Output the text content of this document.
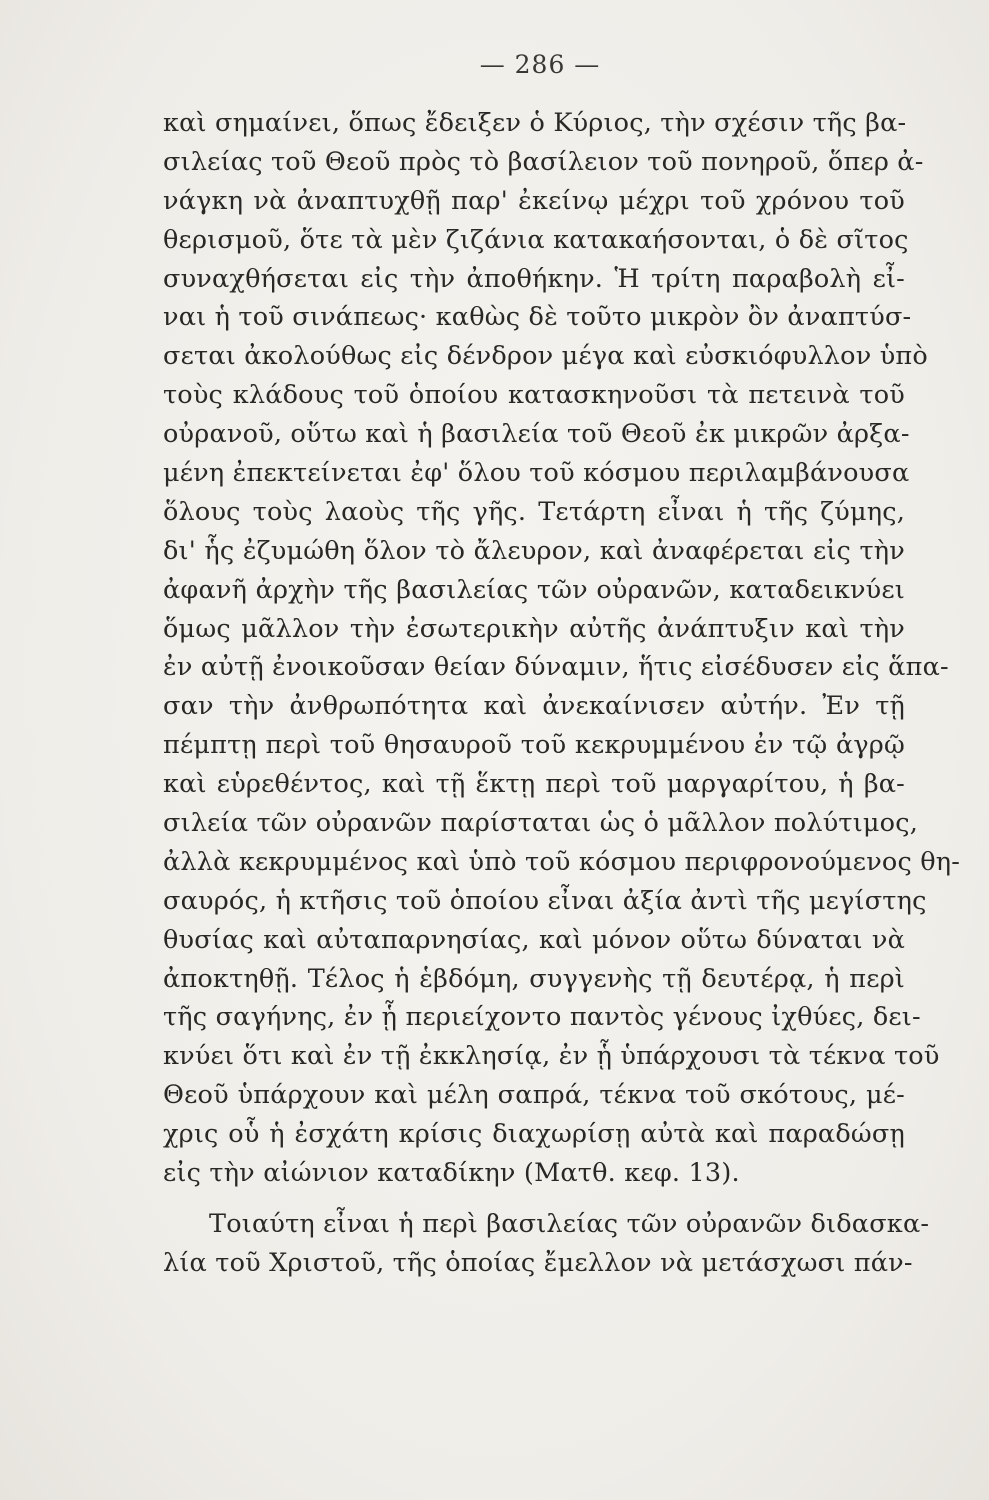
— 286 —
καὶ σημαίνει, ὅπως ἔδειξεν ὁ Κύριος, τὴν σχέσιν τῆς βα-
σιλείας τοῦ Θεοῦ πρὸς τὸ βασίλειον τοῦ πονηροῦ, ὅπερ ἀ-
νάγκη νὰ ἀναπτυχθῇ παρ' ἐκείνῳ μέχρι τοῦ χρόνου τοῦ
θερισμοῦ, ὅτε τὰ μὲν ζιζάνια κατακαήσονται, ὁ δὲ σῖτος
συναχθήσεται εἰς τὴν ἀποθήκην. Ἡ τρίτη παραβολὴ εἶ-
ναι ἡ τοῦ σινάπεως· καθὼς δὲ τοῦτο μικρὸν ὂν ἀναπτύσ-
σεται ἀκολούθως εἰς δένδρον μέγα καὶ εὐσκιόφυλλον ὑπὸ
τοὺς κλάδους τοῦ ὁποίου κατασκηνοῦσι τὰ πετεινὰ τοῦ
οὐρανοῦ, οὕτω καὶ ἡ βασιλεία τοῦ Θεοῦ ἐκ μικρῶν ἀρξα-
μένη ἐπεκτείνεται ἐφ' ὅλου τοῦ κόσμου περιλαμβάνουσα
ὅλους τοὺς λαοὺς τῆς γῆς. Τετάρτη εἶναι ἡ τῆς ζύμης,
δι' ἧς ἐζυμώθη ὅλον τὸ ἄλευρον, καὶ ἀναφέρεται εἰς τὴν
ἀφανῆ ἀρχὴν τῆς βασιλείας τῶν οὐρανῶν, καταδεικνύει
ὅμως μᾶλλον τὴν ἐσωτερικὴν αὐτῆς ἀνάπτυξιν καὶ τὴν
ἐν αὐτῇ ἐνοικοῦσαν θείαν δύναμιν, ἥτις εἰσέδυσεν εἰς ἅπα-
σαν τὴν ἀνθρωπότητα καὶ ἀνεκαίνισεν αὐτήν. Ἐν τῇ
πέμπτῃ περὶ τοῦ θησαυροῦ τοῦ κεκρυμμένου ἐν τῷ ἀγρῷ
καὶ εὑρεθέντος, καὶ τῇ ἕκτῃ περὶ τοῦ μαργαρίτου, ἡ βα-
σιλεία τῶν οὐρανῶν παρίσταται ὡς ὁ μᾶλλον πολύτιμος,
ἀλλὰ κεκρυμμένος καὶ ὑπὸ τοῦ κόσμου περιφρονούμενος θη-
σαυρός, ἡ κτῆσις τοῦ ὁποίου εἶναι ἀξία ἀντὶ τῆς μεγίστης
θυσίας καὶ αὐταπαρνησίας, καὶ μόνον οὕτω δύναται νὰ
ἀποκτηθῇ. Τέλος ἡ ἑβδόμη, συγγενὴς τῇ δευτέρᾳ, ἡ περὶ
τῆς σαγήνης, ἐν ᾗ περιείχοντο παντὸς γένους ἰχθύες, δει-
κνύει ὅτι καὶ ἐν τῇ ἐκκλησίᾳ, ἐν ᾗ ὑπάρχουσι τὰ τέκνα τοῦ
Θεοῦ ὑπάρχουν καὶ μέλη σαπρά, τέκνα τοῦ σκότους, μέ-
χρις οὗ ἡ ἐσχάτη κρίσις διαχωρίσῃ αὐτὰ καὶ παραδώσῃ
εἰς τὴν αἰώνιον καταδίκην (Ματθ. κεφ. 13).
Τοιαύτη εἶναι ἡ περὶ βασιλείας τῶν οὐρανῶν διδασκα-
λία τοῦ Χριστοῦ, τῆς ὁποίας ἔμελλον νὰ μετάσχωσι πάν-
